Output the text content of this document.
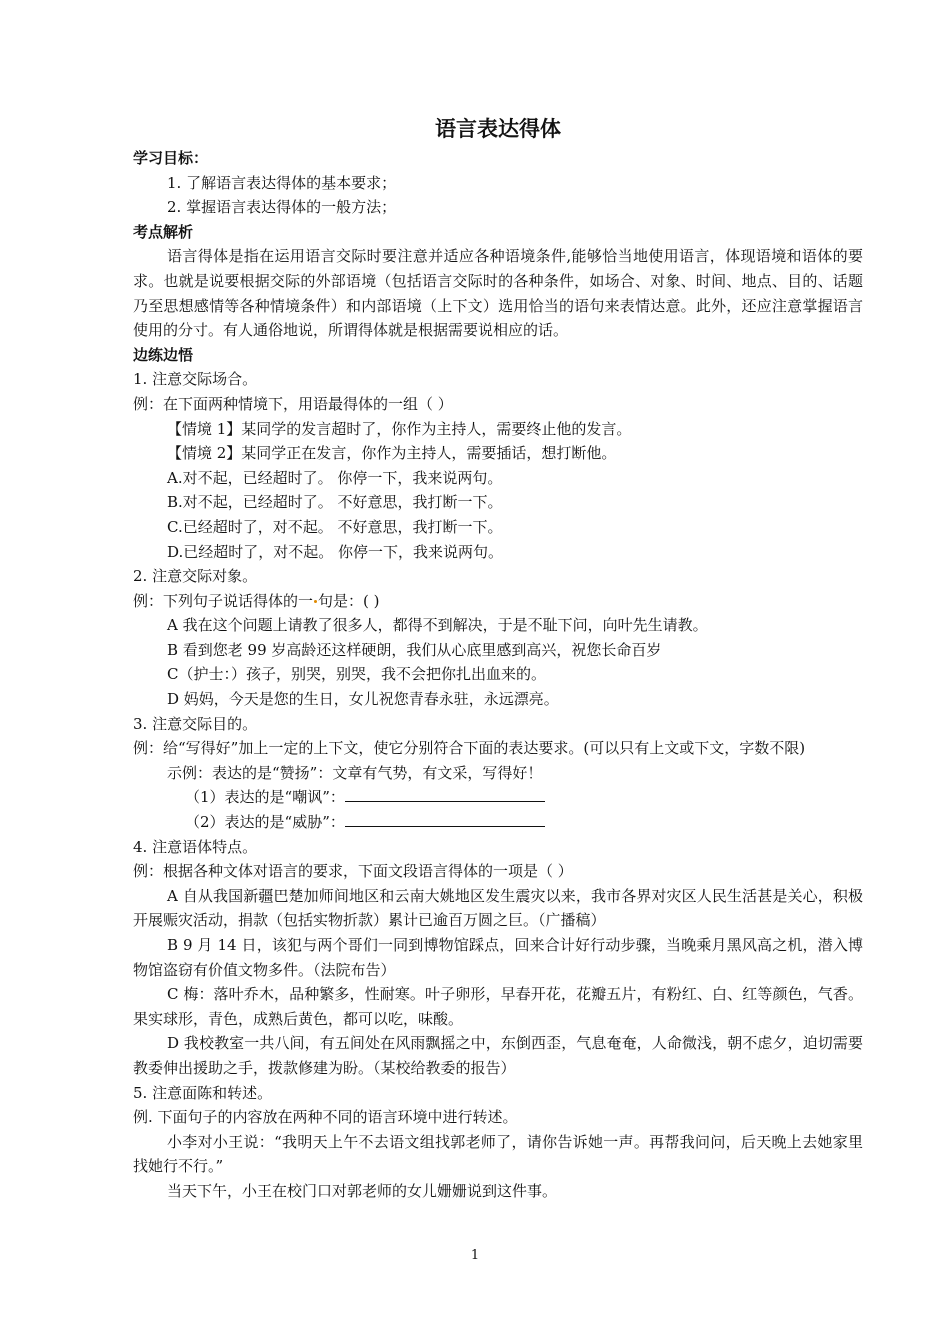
语言表达得体
学习目标：
1. 了解语言表达得体的基本要求；
2. 掌握语言表达得体的一般方法；
考点解析
语言得体是指在运用语言交际时要注意并适应各种语境条件,能够恰当地使用语言，体现语境和语体的要求。也就是说要根据交际的外部语境（包括语言交际时的各种条件，如场合、对象、时间、地点、目的、话题乃至思想感情等各种情境条件）和内部语境（上下文）选用恰当的语句来表情达意。此外，还应注意掌握语言使用的分寸。有人通俗地说，所谓得体就是根据需要说相应的话。
边练边悟
1. 注意交际场合。
例：在下面两种情境下，用语最得体的一组（ ）
【情境 1】某同学的发言超时了，你作为主持人，需要终止他的发言。
【情境 2】某同学正在发言，你作为主持人，需要插话，想打断他。
A.对不起，已经超时了。 你停一下，我来说两句。
B.对不起，已经超时了。 不好意思，我打断一下。
C.已经超时了，对不起。 不好意思，我打断一下。
D.已经超时了，对不起。 你停一下，我来说两句。
2. 注意交际对象。
例：下列句子说话得体的一 句是：( )
A 我在这个问题上请教了很多人，都得不到解决，于是不耻下问，向叶先生请教。
B 看到您老 99 岁高龄还这样硬朗，我们从心底里感到高兴，祝您长命百岁
C（护士：）孩子，别哭，别哭，我不会把你扎出血来的。
D 妈妈，今天是您的生日，女儿祝您青春永驻，永远漂亮。
3. 注意交际目的。
例：给“写得好”加上一定的上下文，使它分别符合下面的表达要求。(可以只有上文或下文，字数不限)
示例：表达的是“赞扬”：文章有气势，有文采，写得好！
（1）表达的是“嘲讽”：
（2）表达的是“威胁”：
4. 注意语体特点。
例：根据各种文体对语言的要求，下面文段语言得体的一项是（ ）
A 自从我国新疆巴楚加师间地区和云南大姚地区发生震灾以来，我市各界对灾区人民生活甚是关心，积极开展赈灾活动，捐款（包括实物折款）累计已逾百万圆之巨。（广播稿）
B 9 月 14 日，该犯与两个哥们一同到博物馆踩点，回来合计好行动步骤，当晚乘月黑风高之机，潜入博物馆盗窃有价值文物多件。（法院布告）
C 梅：落叶乔木，品种繁多，性耐寒。叶子卵形，早春开花，花瓣五片，有粉红、白、红等颜色，气香。果实球形，青色，成熟后黄色，都可以吃，味酸。
D 我校教室一共八间，有五间处在风雨飘摇之中，东倒西歪，气息奄奄，人命微浅，朝不虑夕，迫切需要教委伸出援助之手，拨款修建为盼。（某校给教委的报告）
5. 注意面陈和转述。
例. 下面句子的内容放在两种不同的语言环境中进行转述。
小李对小王说：“我明天上午不去语文组找郭老师了，请你告诉她一声。再帮我问问，后天晚上去她家里找她行不行。”
当天下午，小王在校门口对郭老师的女儿姗姗说到这件事。
1
